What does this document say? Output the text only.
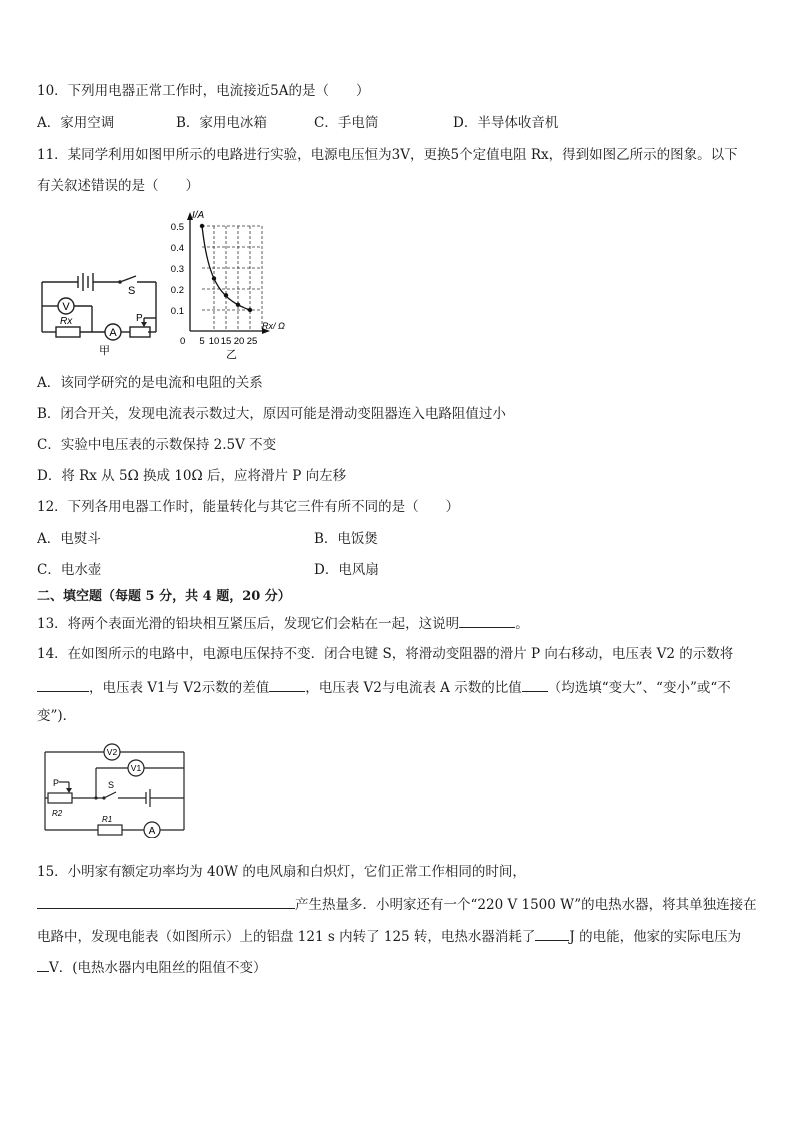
10．下列用电器正常工作时，电流接近5A的是（　　）
A．家用空调	B．家用电冰箱	C．手电筒	D．半导体收音机
11．某同学利用如图甲所示的电路进行实验，电源电压恒为3V，更换5个定值电阻 Rx，得到如图乙所示的图象。以下
有关叙述错误的是（　　）
V
A
S
Rx	P
甲
I/A
Rx/ Ω
0.5
0.4
0.3
0.2
0.1
0 5 10 15 20 25
乙
A．该同学研究的是电流和电阻的关系
B．闭合开关，发现电流表示数过大，原因可能是滑动变阻器连入电路阻值过小
C．实验中电压表的示数保持 2.5V 不变
D．将 Rx 从 5Ω 换成 10Ω 后，应将滑片 P 向左移
12．下列各用电器工作时，能量转化与其它三件有所不同的是（　　）
A．电熨斗	B．电饭煲
C．电水壶	D．电风扇
二、填空题（每题 5 分，共 4 题，20 分）
13．将两个表面光滑的铅块相互紧压后，发现它们会粘在一起，这说明	。
14．在如图所示的电路中，电源电压保持不变．闭合电键 S，将滑动变阻器的滑片 P 向右移动，电压表 V2 的示数将
，电压表 V1与 V2示数的差值	，电压表 V2与电流表 A 示数的比值 （均选填“变大”、“变小”或“不
变”)．
V2
V1
A
P	S
R2
R1
15．小明家有额定功率均为 40W 的电风扇和白炽灯，它们正常工作相同的时间，
产生热量多．小明家还有一个“220 V 1500 W”的电热水器，将其单独连接在
电路中，发现电能表（如图所示）上的铝盘 121 s 内转了 125 转，电热水器消耗了	J 的电能，他家的实际电压为
V．(电热水器内电阻丝的阻值不变）
